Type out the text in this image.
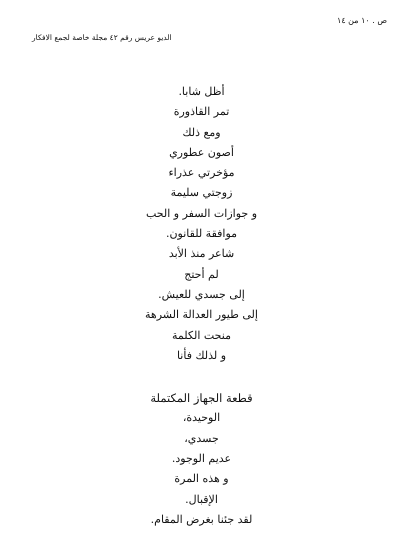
ص . ١٠ من ١٤
الديو عريس رقم ٤٢ مجلة خاصة لجمع الافكار
أظل شابا.
تمر القاذورة
ومع ذلك
أصون عطوري
مؤخرتي عذراء
زوجتي سليمة
و جوازات السفر و الحب
موافقة للقانون.
شاعر منذ الأبد
لم أحتج
إلى جسدي للعيش.
إلى طيور العدالة الشرهة
منحت الكلمة
و لذلك فأنا
قطعة الجهاز المكتملة
الوحيدة،
جسدي،
عديم الوجود.
و هذه المرة
الإقبال.
لقد جئنا بغرض المقام.
